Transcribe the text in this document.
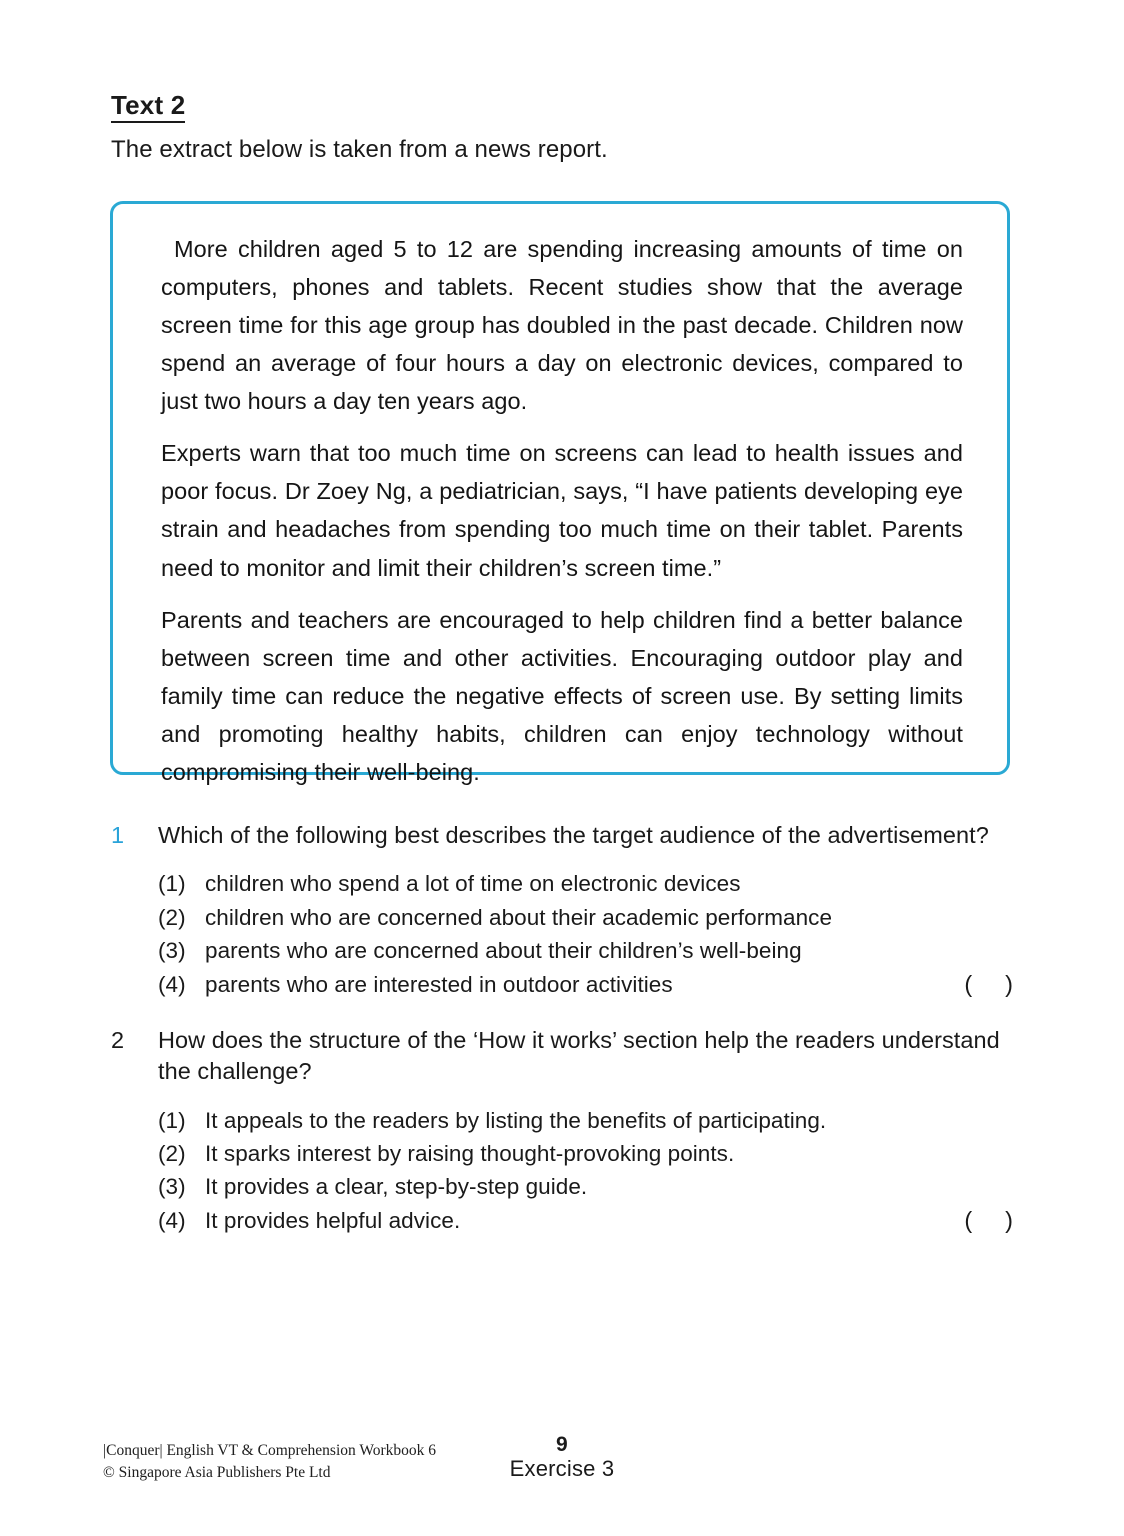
Text 2
The extract below is taken from a news report.

More children aged 5 to 12 are spending increasing amounts of time on computers, phones and tablets. Recent studies show that the average screen time for this age group has doubled in the past decade. Children now spend an average of four hours a day on electronic devices, compared to just two hours a day ten years ago.

Experts warn that too much time on screens can lead to health issues and poor focus. Dr Zoey Ng, a pediatrician, says, “I have patients developing eye strain and headaches from spending too much time on their tablet. Parents need to monitor and limit their children’s screen time.”

Parents and teachers are encouraged to help children find a better balance between screen time and other activities. Encouraging outdoor play and family time can reduce the negative effects of screen use. By setting limits and promoting healthy habits, children can enjoy technology without compromising their well-being.

1	Which of the following best describes the target audience of the advertisement?
(1) children who spend a lot of time on electronic devices
(2) children who are concerned about their academic performance
(3) parents who are concerned about their children’s well-being
(4) parents who are interested in outdoor activities	( )
2	How does the structure of the ‘How it works’ section help the readers understand the challenge?
(1) It appeals to the readers by listing the benefits of participating.
(2) It sparks interest by raising thought-provoking points.
(3) It provides a clear, step-by-step guide.
(4) It provides helpful advice.	( )
|Conquer| English VT & Comprehension Workbook 6
© Singapore Asia Publishers Pte Ltd
9
Exercise 3
